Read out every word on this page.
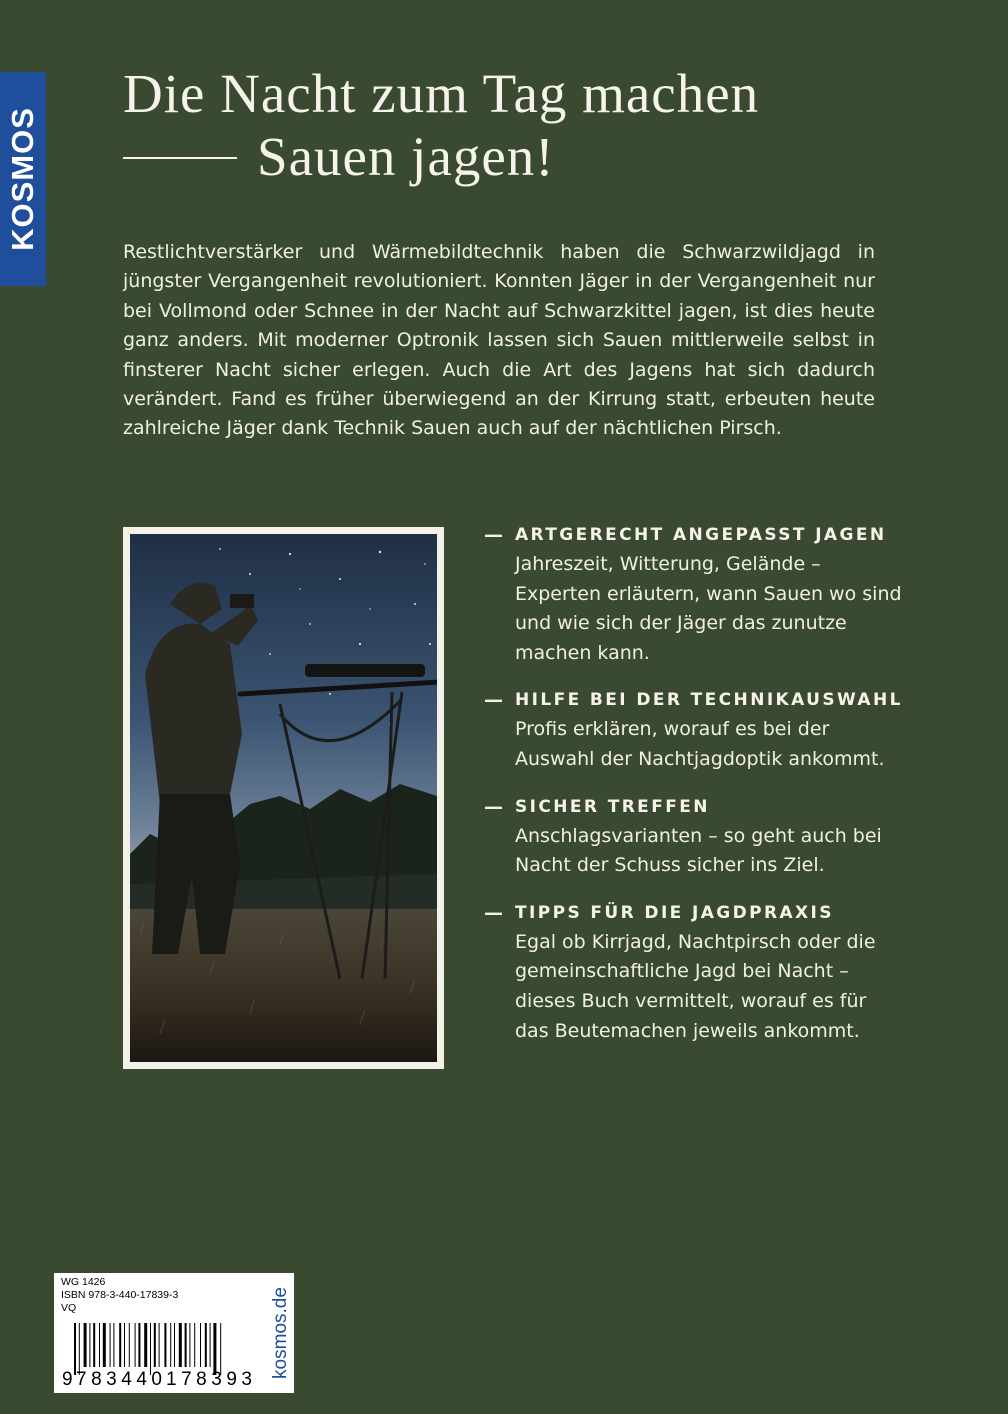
KOSMOS
Die Nacht zum Tag machen
Sauen jagen!

Restlichtverstärker und Wärmebildtechnik haben die Schwarzwildjagd in jüngster Vergangenheit revolutioniert. Konnten Jäger in der Vergangenheit nur bei Vollmond oder Schnee in der Nacht auf Schwarzkittel jagen, ist dies heute ganz anders. Mit moderner Optronik lassen sich Sauen mittlerweile selbst in finsterer Nacht sicher erlegen. Auch die Art des Jagens hat sich dadurch verändert. Fand es früher überwiegend an der Kirrung statt, erbeuten heute zahlreiche Jäger dank Technik Sauen auch auf der nächtlichen Pirsch.

— ARTGERECHT ANGEPASST JAGEN
Jahreszeit, Witterung, Gelände – Experten erläutern, wann Sauen wo sind und wie sich der Jäger das zunutze machen kann.
— HILFE BEI DER TECHNIKAUSWAHL
Profis erklären, worauf es bei der Auswahl der Nachtjagdoptik ankommt.
— SICHER TREFFEN
Anschlagsvarianten – so geht auch bei Nacht der Schuss sicher ins Ziel.
— TIPPS FÜR DIE JAGDPRAXIS
Egal ob Kirrjagd, Nachtpirsch oder die gemeinschaftliche Jagd bei Nacht – dieses Buch vermittelt, worauf es für das Beutemachen jeweils ankommt.
WG 1426
ISBN 978-3-440-17839-3
VQ
9 783440 178393
kosmos.de
